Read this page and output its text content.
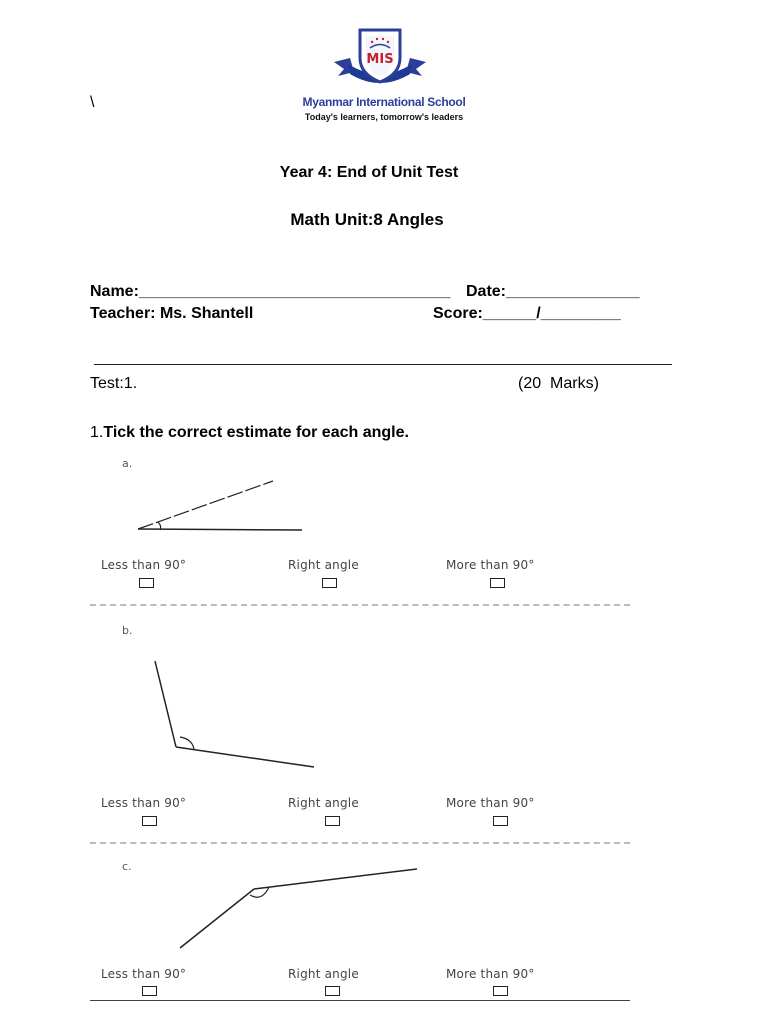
\
MIS
Myanmar International School
Today's learners, tomorrow's leaders
Year 4: End of Unit Test
Math Unit:8 Angles
Name:___________________________________ Date:_______________
Teacher: Ms. Shantell	Score:______/_________
Test:1.	(20  Marks)
1.Tick the correct estimate for each angle.
a.
Less than 90°	Right angle	More than 90°
b.
Less than 90°	Right angle	More than 90°
c.
Less than 90°	Right angle	More than 90°
